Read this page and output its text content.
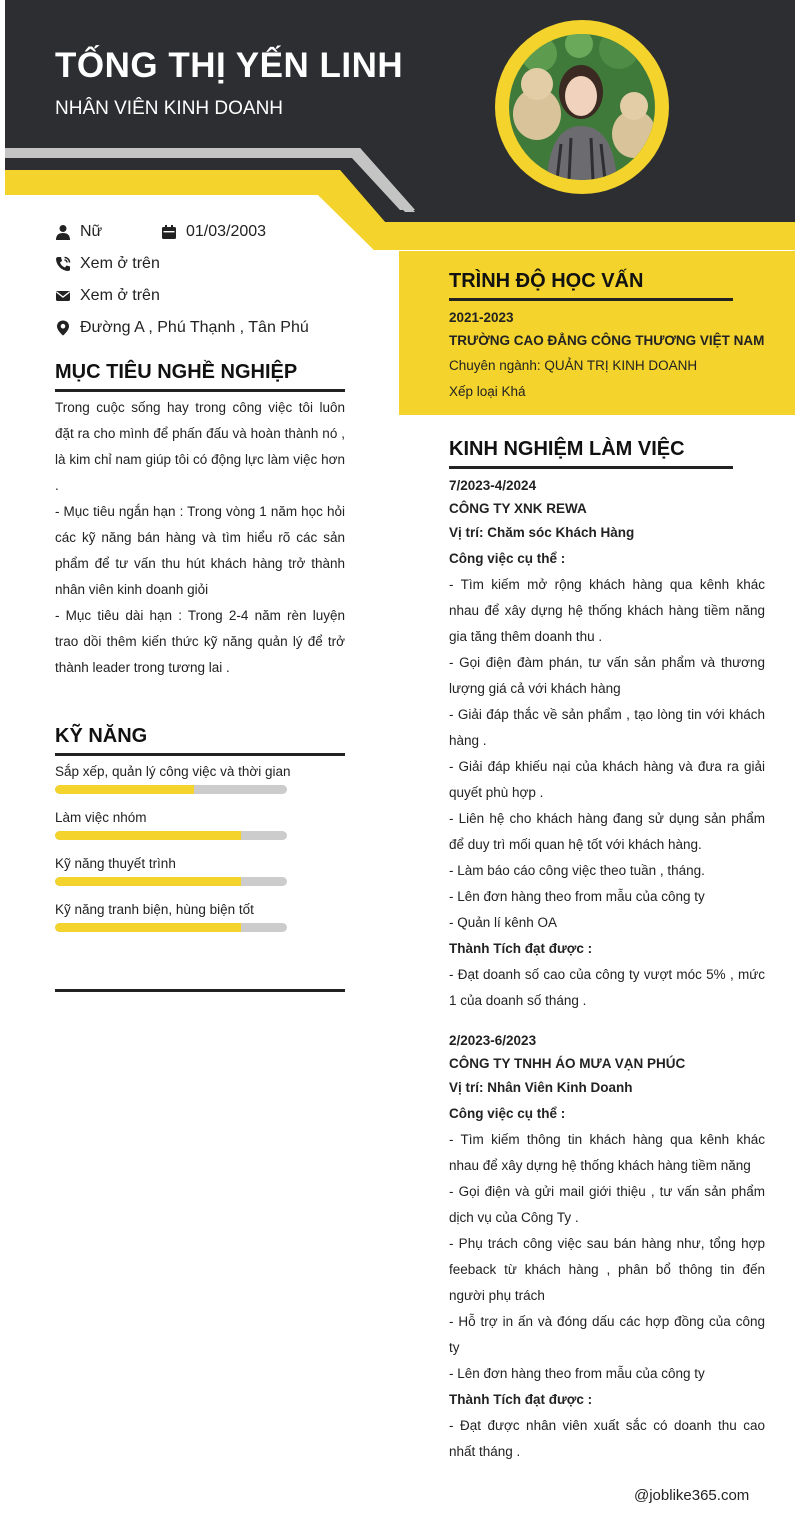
TỐNG THỊ YẾN LINH
NHÂN VIÊN KINH DOANH
Nữ	01/03/2003
Xem ở trên
Xem ở trên
Đường A , Phú Thạnh , Tân Phú
MỤC TIÊU NGHỀ NGHIỆP

Trong cuộc sống hay trong công việc tôi luôn đặt ra cho mình để phấn đấu và hoàn thành nó , là kim chỉ nam giúp tôi có động lực làm việc hơn .

- Mục tiêu ngắn hạn : Trong vòng 1 năm học hỏi các kỹ năng bán hàng và tìm hiểu rõ các sản phẩm để tư vấn thu hút khách hàng trở thành nhân viên kinh doanh giỏi

- Mục tiêu dài hạn : Trong 2-4 năm rèn luyện trao dồi thêm kiến thức kỹ năng quản lý để trở thành leader trong tương lai .

KỸ NĂNG
Sắp xếp, quản lý công việc và thời gian
Làm việc nhóm
Kỹ năng thuyết trình
Kỹ năng tranh biện, hùng biện tốt
TRÌNH ĐỘ HỌC VẤN
2021-2023
TRƯỜNG CAO ĐẲNG CÔNG THƯƠNG VIỆT NAM
Chuyên ngành: QUẢN TRỊ KINH DOANH
Xếp loại Khá
KINH NGHIỆM LÀM VIỆC
7/2023-4/2024
CÔNG TY XNK REWA
Vị trí: Chăm sóc Khách Hàng
Công việc cụ thể :
- Tìm kiếm mở rộng khách hàng qua kênh khác nhau để xây dựng hệ thống khách hàng tiềm năng gia tăng thêm doanh thu .
- Gọi điện đàm phán, tư vấn sản phẩm và thương lượng giá cả với khách hàng
- Giải đáp thắc về sản phẩm , tạo lòng tin với khách hàng .
- Giải đáp khiếu nại của khách hàng và đưa ra giải quyết phù hợp .
- Liên hệ cho khách hàng đang sử dụng sản phẩm để duy trì mối quan hệ tốt với khách hàng.
- Làm báo cáo công việc theo tuần , tháng.
- Lên đơn hàng theo from mẫu của công ty
- Quản lí kênh OA
Thành Tích đạt được :
- Đạt doanh số cao của công ty vượt móc 5% , mức 1 của doanh số tháng .
2/2023-6/2023
CÔNG TY TNHH ÁO MƯA VẠN PHÚC
Vị trí: Nhân Viên Kinh Doanh
Công việc cụ thể :
- Tìm kiếm thông tin khách hàng qua kênh khác nhau để xây dựng hệ thống khách hàng tiềm năng
- Gọi điện và gửi mail giới thiệu , tư vấn sản phẩm dịch vụ của Công Ty .
- Phụ trách công việc sau bán hàng như, tổng hợp feeback từ khách hàng , phân bổ thông tin đến người phụ trách
- Hỗ trợ in ấn và đóng dấu các hợp đồng của công ty
- Lên đơn hàng theo from mẫu của công ty
Thành Tích đạt được :
- Đạt được nhân viên xuất sắc có doanh thu cao nhất tháng .
@joblike365.com
